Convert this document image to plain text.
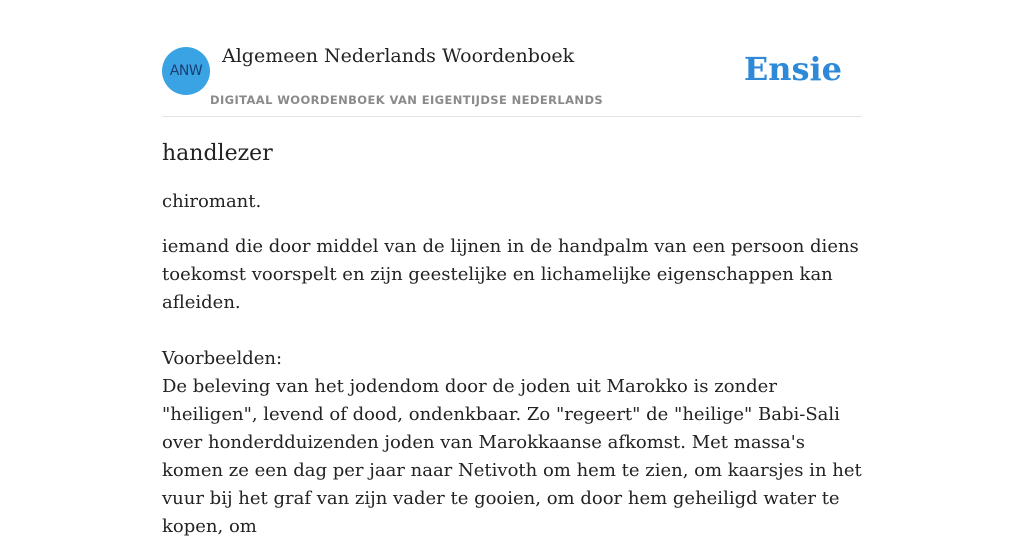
ANW
Algemeen Nederlands Woordenboek
DIGITAAL WOORDENBOEK VAN EIGENTIJDSE NEDERLANDS
Ensie
handlezer

chiromant.

iemand die door middel van de lijnen in de handpalm van een persoon diens toekomst voorspelt en zijn geestelijke en lichamelijke eigenschappen kan afleiden.

Voorbeelden:

De beleving van het jodendom door de joden uit Marokko is zonder "heiligen", levend of dood, ondenkbaar. Zo "regeert" de "heilige" Babi-Sali over honderdduizenden joden van Marokkaanse afkomst. Met massa's komen ze een dag per jaar naar Netivoth om hem te zien, om kaarsjes in het vuur bij het graf van zijn vader te gooien, om door hem geheiligd water te kopen, om
